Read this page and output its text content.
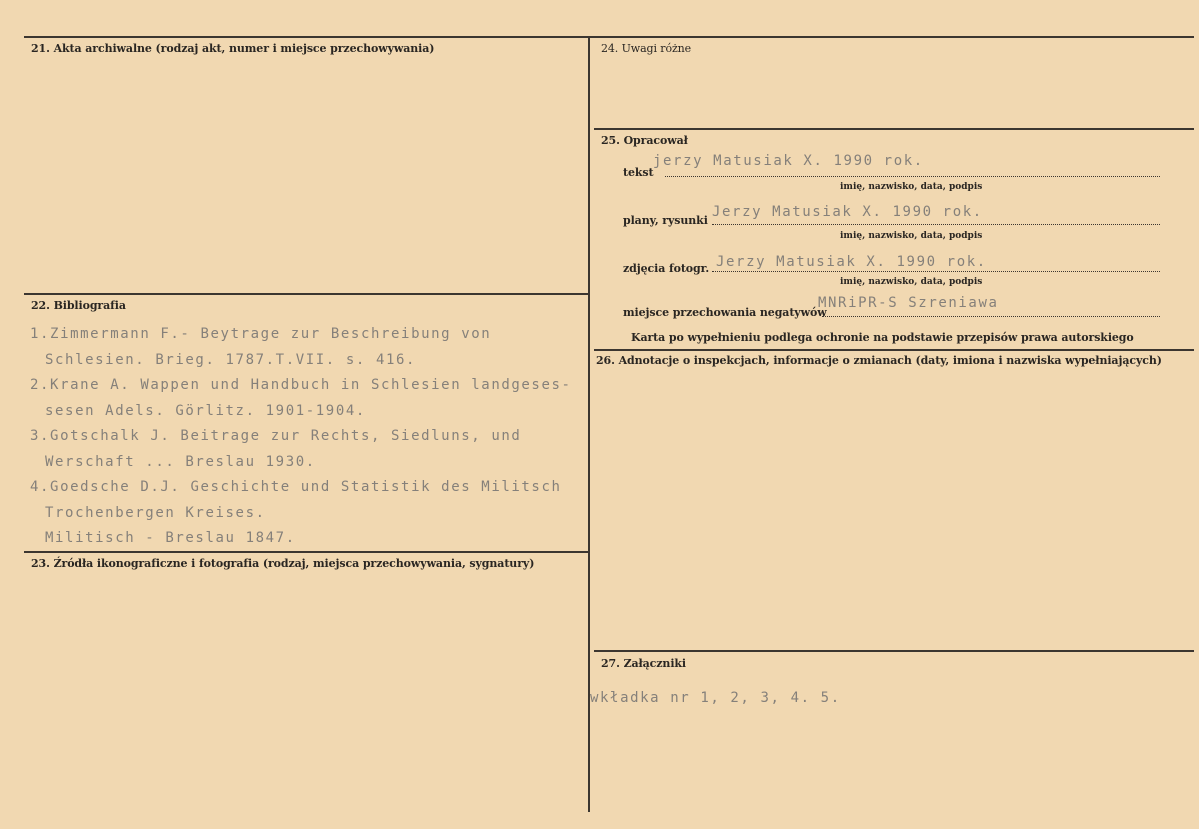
21. Akta archiwalne (rodzaj akt, numer i miejsce przechowywania)
22. Bibliografia
1.Zimmermann F.- Beytrage zur Beschreibung von
Schlesien. Brieg. 1787.T.VII. s. 416.
2.Krane A. Wappen und Handbuch in Schlesien landgeses-
sesen Adels. Görlitz. 1901-1904.
3.Gotschalk J. Beitrage zur Rechts, Siedluns, und
Werschaft ... Breslau 1930.
4.Goedsche D.J. Geschichte und Statistik des Militsch
Trochenbergen Kreises.
Militisch - Breslau 1847.
23. Źródła ikonograficzne i fotografia (rodzaj, miejsca przechowywania, sygnatury)
24. Uwagi różne
25. Opracował
tekst
jerzy Matusiak X. 1990 rok.
imię, nazwisko, data, podpis
plany, rysunki
Jerzy Matusiak X. 1990 rok.
imię, nazwisko, data, podpis
zdjęcia fotogr. Jerzy Matusiak X. 1990 rok.
imię, nazwisko, data, podpis
miejsce przechowania negatywów
MNRiPR-S Szreniawa
Karta po wypełnieniu podlega ochronie na podstawie przepisów prawa autorskiego
26. Adnotacje o inspekcjach, informacje o zmianach (daty, imiona i nazwiska wypełniających)
27. Załączniki
wkładka nr 1, 2, 3, 4. 5.
